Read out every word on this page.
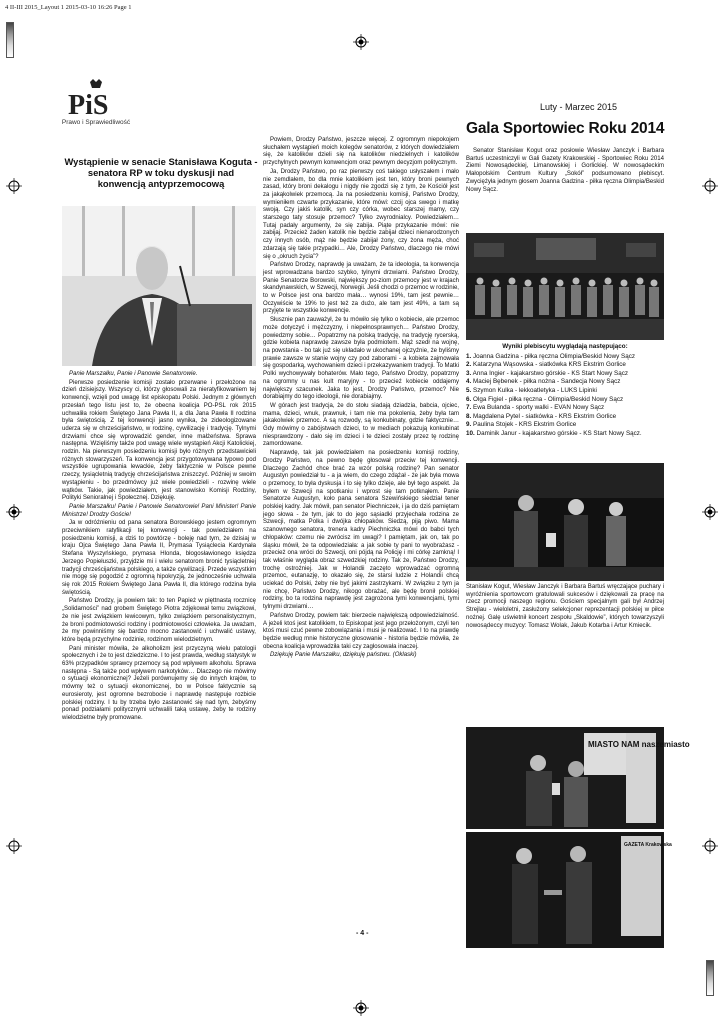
4 II-III 2015_Layout 1 2015-03-10 16:26 Page 1
PiS
Prawo i Sprawiedliwość
Wystąpienie w senacie Stanisława Koguta - senatora RP w toku dyskusji nad konwencją antyprzemocową

Panie Marszałku, Panie i Panowie Senatorowie.

Pierwsze posiedzenie komisji zostało przerwane i przełożone na dzień dzisiejszy. Wszyscy ci, którzy głosowali za nieratyfikowaniem tej konwencji, wzięli pod uwagę list episkopatu Polski. Jednym z głównych przesłań tego listu jest to, że obecna koalicja PO-PSL rok 2015 uchwaliła rokiem Świętego Jana Pawła II, a dla Jana Pawła II rodzina była świętością. Z tej konwencji jasno wynika, że zideologizowane uderza się w chrześcijaństwo, w rodzinę, cywilizację i tradycję. Tylnymi drzwiami chce się wprowadzić gender, inne małżeństwa. Sprawa następna. Wzięliśmy także pod uwagę wiele wystąpień Akcji Katolickiej, rodzin. Na pierwszym posiedzeniu komisji było różnych przedstawicieli różnych stowarzyszeń. Ta konwencja jest przygotowywana typowo pod wszystkie ugrupowania lewackie, żeby faktycznie w Polsce pewne rzeczy, tysiącletnią tradycję chrześcijaństwa zniszczyć. Później w swoim wystąpieniu - bo przedmówcy już wiele powiedzieli - rozwinę wiele wątków. Takie, jak powiedziałem, jest stanowisko Komisji Rodziny, Polityki Senioralnej i Społecznej. Dziękuję.

Panie Marszałku! Panie i Panowie Senatorowie! Pani Minister! Panie Ministrze! Drodzy Goście!

Ja w odróżnieniu od pana senatora Borowskiego jestem ogromnym przeciwnikiem ratyfikacji tej konwencji - tak powiedziałem na posiedzeniu komisji, a dziś to powtórzę - boleję nad tym, że dzisiaj w kraju Ojca Świętego Jana Pawła II, Prymasa Tysiąclecia Kardynała Stefana Wyszyńskiego, prymasa Hlonda, błogosławionego księdza Jerzego Popiełuszki, przyjdzie mi i wielu senatorom bronić tysiącletniej tradycji chrześcijaństwa polskiego, a także cywilizacji. Przede wszystkim nie mogę się pogodzić z ogromną hipokryzją, że jednocześnie uchwala się rok 2015 Rokiem Świętego Jana Pawła II, dla którego rodzina była świętością.

Państwo Drodzy, ja powiem tak: to ten Papież w pięttnastą rocznicę „Solidarności” nad grobem Świętego Piotra zdjękował temu związkowi, że nie jest związkiem lewicowym, tylko związkiem personalistycznym, że broni podmiotowości rodziny i podmiotowości człowieka. Ja uważam, że my powinniśmy się bardzo mocno zastanowić i uchwalić ustawy, które będą przychylne rodzinie, rodzinom wielodzietnym.

Pani minister mówiła, że alkoholizm jest przyczyną wielu patologii społecznych i że to jest dziedziczne. I to jest prawda, według statystyk w 63% przypadków sprawcy przemocy są pod wpływem alkoholu. Sprawa następna - Są także pod wpływem narkotyków… Dlaczego nie mówimy o sytuacji ekonomicznej? Jeżeli porównujemy się do innych krajów, to mówmy też o sytuacji ekonomicznej, bo w Polsce faktycznie są eurosieroty, jest ogromne bezrobocie i naprawdę następuje rozbicie polskiej rodziny. I tu by trzeba było zastanowić się nad tym, żebyśmy ponad podziałami politycznymi uchwalili taką ustawę, żeby te rodziny wielodzietne były promowane.

Powiem, Drodzy Państwo, jeszcze więcej. Z ogromnym niepokojem słuchałem wystąpień moich kolegów senatorów, z których dowiedziałem się, że katolików dzieli się na katolików niedzielnych i katolików przychylnych pewnym konwencjom oraz pewnym decyzjom politycznym.

Ja, Drodzy Państwo, po raz pierwszy coś takiego usłyszałem i mało nie zemdlałem, bo dla mnie katolikiem jest ten, który broni pewnych zasad, który broni dekalogu i nigdy nie zgodzi się z tym, że Kościół jest za jakąkolwiek przemocą. Ja na posiedzeniu komisji, Państwo Drodzy, wymieniłem czwarte przykazanie, które mówi: czcij ojca swego i matkę swoją. Czy jakiś katolik, syn czy córka, wobec starszej mamy, czy starszego taty stosuje przemoc? Tylko zwyrodnialcy. Powiedziałem… Tutaj padały argumenty, że się zabija. Piąte przykazanie mówi: nie zabijaj. Przecież żaden katolik nie będzie zabijał dzieci nienarodzonych czy innych osób, mąż nie będzie zabijał żony, czy żona męża, choć zdarzają się takie przypadki… Ale, Drodzy Państwo, dlaczego nie mówi się o „okruch życia”?

Państwo Drodzy, naprawdę ja uważam, że ta ideologia, ta konwencja jest wprowadzana bardzo szybko, tylnymi drzwiami. Państwo Drodzy, Panie Senatorze Borowski, największy po-ziom przemocy jest w krajach skandynawskich, w Szwecji, Norwegii. Jeśli chodzi o przemoc w rodzinie, to w Polsce jest ona bardzo mała… wynosi 19%, tam jest pewnie… Oczywiście te 19% to jest też za dużo, ale tam jest 49%, a tam są przyjęte te wszystkie konwencje.

Słusznie pan zauważył, że tu mówiło się tylko o kobiecie, ale przemoc może dotyczyć i mężczyzny, i niepełnosprawnych… Państwo Drodzy, powiedzmy sobie… Popatrzmy na polską tradycję, na tradycję rycerską, gdzie kobieta naprawdę zawsze była podmiotem. Mąż szedł na wojnę, na powstania - bo tak już się układało w ukochanej ojczyźnie, że byliśmy prawie zawsze w stanie wojny czy pod zaborami - a kobieta zajmowała się gospodarką, wychowaniem dzieci i przekazywaniem tradycji. To Matki Polki wychowywały bohaterów. Mało tego, Państwo Drodzy, popatrzmy na ogromny u nas kult maryjny - to przecież kobiecie oddajemy największy szacunek. Jaka to jest, Drodzy Państwo, przemoc? Nie dorabiajmy do tego ideologii, nie dorabiajmy.

W górach jest tradycja, że do stołu siadają dziadzia, babcia, ojciec, mama, dzieci, wnuk, prawnuk, i tam nie ma pokolenia, żeby była tam jakakolwiek przemoc. A są rozwody, są konkubinaty, gdzie faktycznie… Gdy mówimy o zabójstwach dzieci, to w mediach pokazują konkubinat niesprawdzony - dało się im dzieci i te dzieci zostały przez tę rodzinę zamordowane.

Naprawdę, tak jak powiedziałem na posiedzeniu komisji rodziny, Drodzy Państwo, na pewno będę głosował przeciw tej konwencji. Dlaczego Zachód chce brać za wzór polską rodzinę? Pan senator Augustyn powiedział tu - a ja wiem, do czego zdążał - że jak była mowa o przemocy, to była dyskusja i to się tylko dzieje, ale był tego aspekt. Ja byłem w Szwecji na spotkaniu i wprost się tam potknąłem. Panie Senatorze Augustyn, koło pana senatora Szewińskiego siedział tener polskiej kadry. Jak mówił, pan senator Piechniczek, i ja do dziś pamiętam jego słowa - że tym, jak to do jego sąsiadki przyjechała rodzina ze Szwecji, matka Polka i dwójka chłopaków. Siedzą, piją piwo. Mama szanownego senatora, trenera kadry Piechniczka mówi do babci tych chłopaków: czemu nie zwrócisz im uwagi? I pamiętam, jak on, tak po śląsku mówił, że ta odpowiedziała: a jak sobie ty pani to wyobrażasz - przecież ona wróci do Szwecji, oni pójdą na Policję i mi córkę zamkną! I tak właśnie wygląda obraz szwedzkiej rodziny. Tak że, Państwo Drodzy, trochę ostrożniej. Jak w Holandii zaczęto wprowadzać ogromną przemoc, eutanazję, to okazało się, że starsi ludzie z Holandii chcą uciekać do Polski, żeby nie być jakimi zastrzykami. W związku z tym ja nie chcę, Państwo Drodzy, nikogo obrażać, ale będę bronił polskiej rodziny, bo ta rodzina naprawdę jest zagrożona tymi konwencjami, tymi tylnymi drzwiami…

Państwo Drodzy, powiem tak: bierzecie największą odpowiedzialność. A jeżeli ktoś jest katolikiem, to Episkopat jest jego przełożonym, czyli ten ktoś musi czuć pewne zobowiązania i musi je realizować. I to na prawdę będzie według mnie historyczne głosowanie - historia będzie mówiła, że obecna koalicja wprowadziła taki czy zagłosowała inaczej.

Dziękuję Panie Marszałku, dziękuję państwu. (Oklaski)

Luty - Marzec 2015
Gala Sportowiec Roku 2014

Senator Stanisław Kogut oraz posłowie Wiesław Janczyk i Barbara Bartuś uczestniczyli w Gali Gazety Krakowskiej - Sportowiec Roku 2014 Ziemi Nowosądeckiej, Limanowskiej i Gorlickiej. W nowosądeckim Małopolskim Centrum Kultury „Sokół” podsumowano plebiscyt. Zwyciężyła jednym głosem Joanna Gadzina - piłka ręczna Olimpia/Beskid Nowy Sącz.

Wyniki plebiscytu wyglądają następująco:
1. Joanna Gadzina - piłka ręczna Olimpia/Beskid Nowy Sącz
2. Katarzyna Wąsowska - siatkówka KRS Ekstrim Gorlice
3. Anna Ingier - kajakarstwo górskie - KS Start Nowy Sącz
4. Maciej Bębenek - piłka nożna - Sandecja Nowy Sącz
5. Szymon Kulka - lekkoatletyka - LUKS Lipinki
6. Olga Figiel - piłka ręczna - Olimpia/Beskid Nowy Sącz
7. Ewa Bulanda - sporty walki - EVAN Nowy Sącz
8. Magdalena Pytel - siatkówka - KRS Ekstrim Gorlice
9. Paulina Stojek - KRS Ekstrim Gorlice
10. Daminik Janur - kajakarstwo górskie - KS Start Nowy Sącz.
Stanisław Kogut, Wiesław Janczyk i Barbara Bartuś wręczające puchary i wyróżnienia sportowcom gratulowali sukcesów i dziękowali za pracę na rzecz promocji naszego regionu. Gościem specjalnym gali był Andrzej Strejlau - wieloletni, zasłużony selekcjoner reprezentacji polskiej w piłce nożnej. Galę uświetnił koncert zespołu „Skaldowie”, których towarzyszyli nowosądeccy muzycy: Tomasz Wolak, Jakub Kotarba i Artur Kmiecik.
MIASTO NAM naszemiasto
GAZETA Krakowska
- 4 -
